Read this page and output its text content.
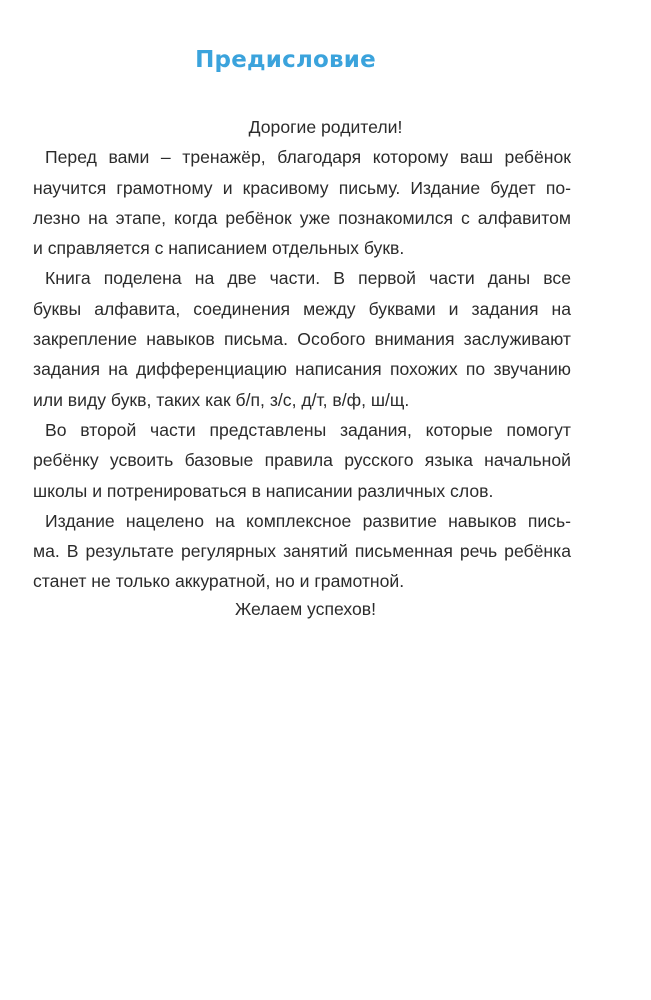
Предисловие

Дорогие родители!

Перед вами – тренажёр, благодаря которому ваш ребёнок
научится грамотному и красивому письму. Издание будет по-
лезно на этапе, когда ребёнок уже познакомился с алфавитом
и справляется с написанием отдельных букв.
Книга поделена на две части. В первой части даны все
буквы алфавита, соединения между буквами и задания на
закрепление навыков письма. Особого внимания заслуживают
задания на дифференциацию написания похожих по звучанию
или виду букв, таких как б/п, з/с, д/т, в/ф, ш/щ.
Во второй части представлены задания, которые помогут
ребёнку усвоить базовые правила русского языка начальной
школы и потренироваться в написании различных слов.
Издание нацелено на комплексное развитие навыков пись-
ма. В результате регулярных занятий письменная речь ребёнка
станет не только аккуратной, но и грамотной.
Желаем успехов!
